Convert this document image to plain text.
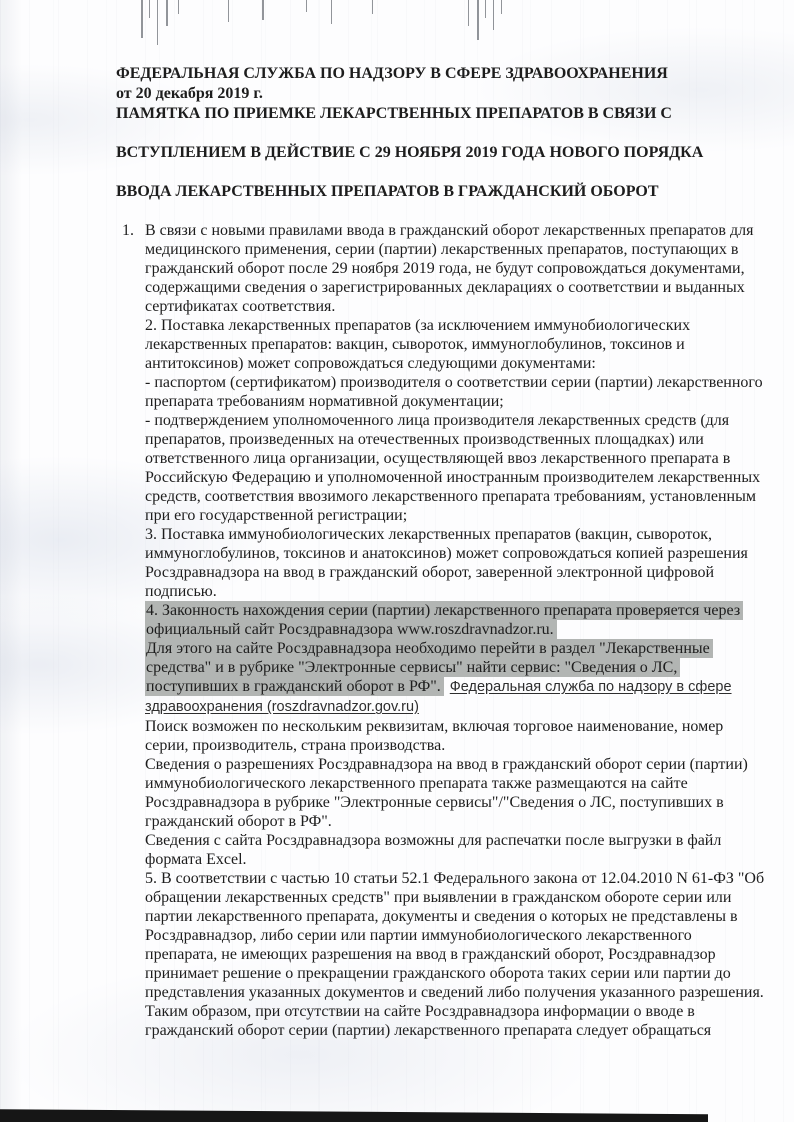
ФЕДЕРАЛЬНАЯ СЛУЖБА ПО НАДЗОРУ В СФЕРЕ ЗДРАВООХРАНЕНИЯ
от 20 декабря 2019 г.
ПАМЯТКА ПО ПРИЕМКЕ ЛЕКАРСТВЕННЫХ ПРЕПАРАТОВ В СВЯЗИ С
ВСТУПЛЕНИЕМ В ДЕЙСТВИЕ С 29 НОЯБРЯ 2019 ГОДА НОВОГО ПОРЯДКА
ВВОДА ЛЕКАРСТВЕННЫХ ПРЕПАРАТОВ В ГРАЖДАНСКИЙ ОБОРОТ
1. В связи с новыми правилами ввода в гражданский оборот лекарственных препаратов для медицинского применения, серии (партии) лекарственных препаратов, поступающих в гражданский оборот после 29 ноября 2019 года, не будут сопровождаться документами, содержащими сведения о зарегистрированных декларациях о соответствии и выданных сертификатах соответствия.
2. Поставка лекарственных препаратов (за исключением иммунобиологических лекарственных препаратов: вакцин, сывороток, иммуноглобулинов, токсинов и антитоксинов) может сопровождаться следующими документами:
- паспортом (сертификатом) производителя о соответствии серии (партии) лекарственного препарата требованиям нормативной документации;
- подтверждением уполномоченного лица производителя лекарственных средств (для препаратов, произведенных на отечественных производственных площадках) или ответственного лица организации, осуществляющей ввоз лекарственного препарата в Российскую Федерацию и уполномоченной иностранным производителем лекарственных средств, соответствия ввозимого лекарственного препарата требованиям, установленным при его государственной регистрации;
3. Поставка иммунобиологических лекарственных препаратов (вакцин, сывороток, иммуноглобулинов, токсинов и анатоксинов) может сопровождаться копией разрешения Росздравнадзора на ввод в гражданский оборот, заверенной электронной цифровой подписью.
4. Законность нахождения серии (партии) лекарственного препарата проверяется через официальный сайт Росздравнадзора www.roszdravnadzor.ru.
Для этого на сайте Росздравнадзора необходимо перейти в раздел "Лекарственные средства" и в рубрике "Электронные сервисы" найти сервис: "Сведения о ЛС, поступивших в гражданский оборот в РФ". Федеральная служба по надзору в сфере здравоохранения (roszdravnadzor.gov.ru)
Поиск возможен по нескольким реквизитам, включая торговое наименование, номер серии, производитель, страна производства.
Сведения о разрешениях Росздравнадзора на ввод в гражданский оборот серии (партии) иммунобиологического лекарственного препарата также размещаются на сайте Росздравнадзора в рубрике "Электронные сервисы"/"Сведения о ЛС, поступивших в гражданский оборот в РФ".
Сведения с сайта Росздравнадзора возможны для распечатки после выгрузки в файл формата Excel.
5. В соответствии с частью 10 статьи 52.1 Федерального закона от 12.04.2010 N 61-ФЗ "Об обращении лекарственных средств" при выявлении в гражданском обороте серии или партии лекарственного препарата, документы и сведения о которых не представлены в Росздравнадзор, либо серии или партии иммунобиологического лекарственного препарата, не имеющих разрешения на ввод в гражданский оборот, Росздравнадзор принимает решение о прекращении гражданского оборота таких серии или партии до представления указанных документов и сведений либо получения указанного разрешения.
Таким образом, при отсутствии на сайте Росздравнадзора информации о вводе в гражданский оборот серии (партии) лекарственного препарата следует обращаться
